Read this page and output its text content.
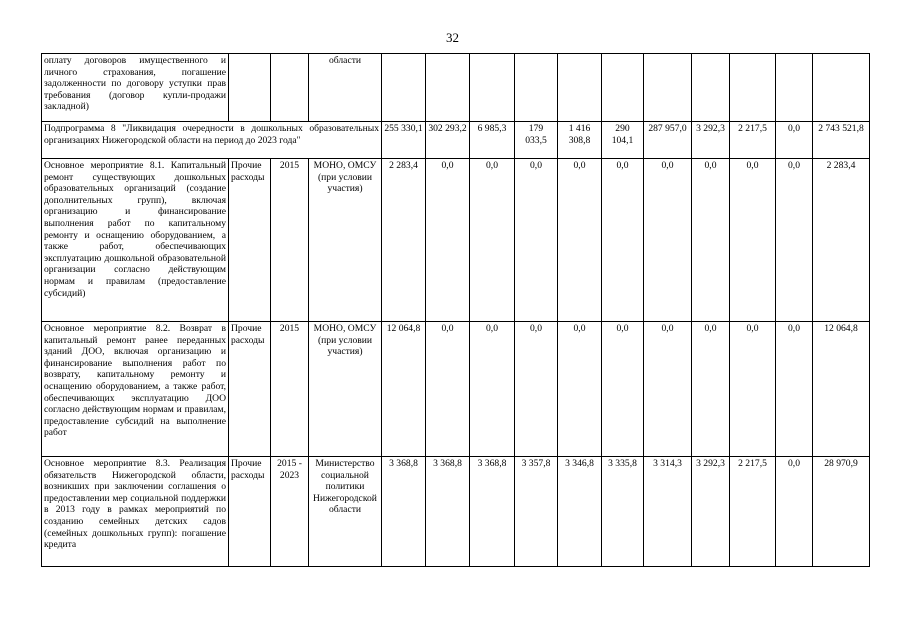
32
оплату договоров имущественного и личного страхования, погашение задолженности по договору уступки прав требования (договор купли-продажи закладной)			области											
Подпрограмма 8 "Ликвидация очередности в дошкольных образовательных организациях Нижегородской области на период до 2023 года"				255 330,1	302 293,2	6 985,3	179 033,5	1 416 308,8	290 104,1	287 957,0	3 292,3	2 217,5	0,0	2 743 521,8
Основное мероприятие 8.1. Капитальный ремонт существующих дошкольных образовательных организаций (создание дополнительных групп), включая организацию и финансирование выполнения работ по капитальному ремонту и оснащению оборудованием, а также работ, обеспечивающих эксплуатацию дошкольной образовательной организации согласно действующим нормам и правилам (предоставление субсидий)	Прочие расходы	2015	МОНО, ОМСУ (при условии участия)	2 283,4	0,0	0,0	0,0	0,0	0,0	0,0	0,0	0,0	0,0	2 283,4
Основное мероприятие 8.2. Возврат в капитальный ремонт ранее переданных зданий ДОО, включая организацию и финансирование выполнения работ по возврату, капитальному ремонту и оснащению оборудованием, а также работ, обеспечивающих эксплуатацию ДОО согласно действующим нормам и правилам, предоставление субсидий на выполнение работ	Прочие расходы	2015	МОНО, ОМСУ (при условии участия)	12 064,8	0,0	0,0	0,0	0,0	0,0	0,0	0,0	0,0	0,0	12 064,8
Основное мероприятие 8.3. Реализация обязательств Нижегородской области, возникших при заключении соглашения о предоставлении мер социальной поддержки в 2013 году в рамках мероприятий по созданию семейных детских садов (семейных дошкольных групп): погашение кредита	Прочие расходы	2015 - 2023	Министерство социальной политики Нижегородской области	3 368,8	3 368,8	3 368,8	3 357,8	3 346,8	3 335,8	3 314,3	3 292,3	2 217,5	0,0	28 970,9
